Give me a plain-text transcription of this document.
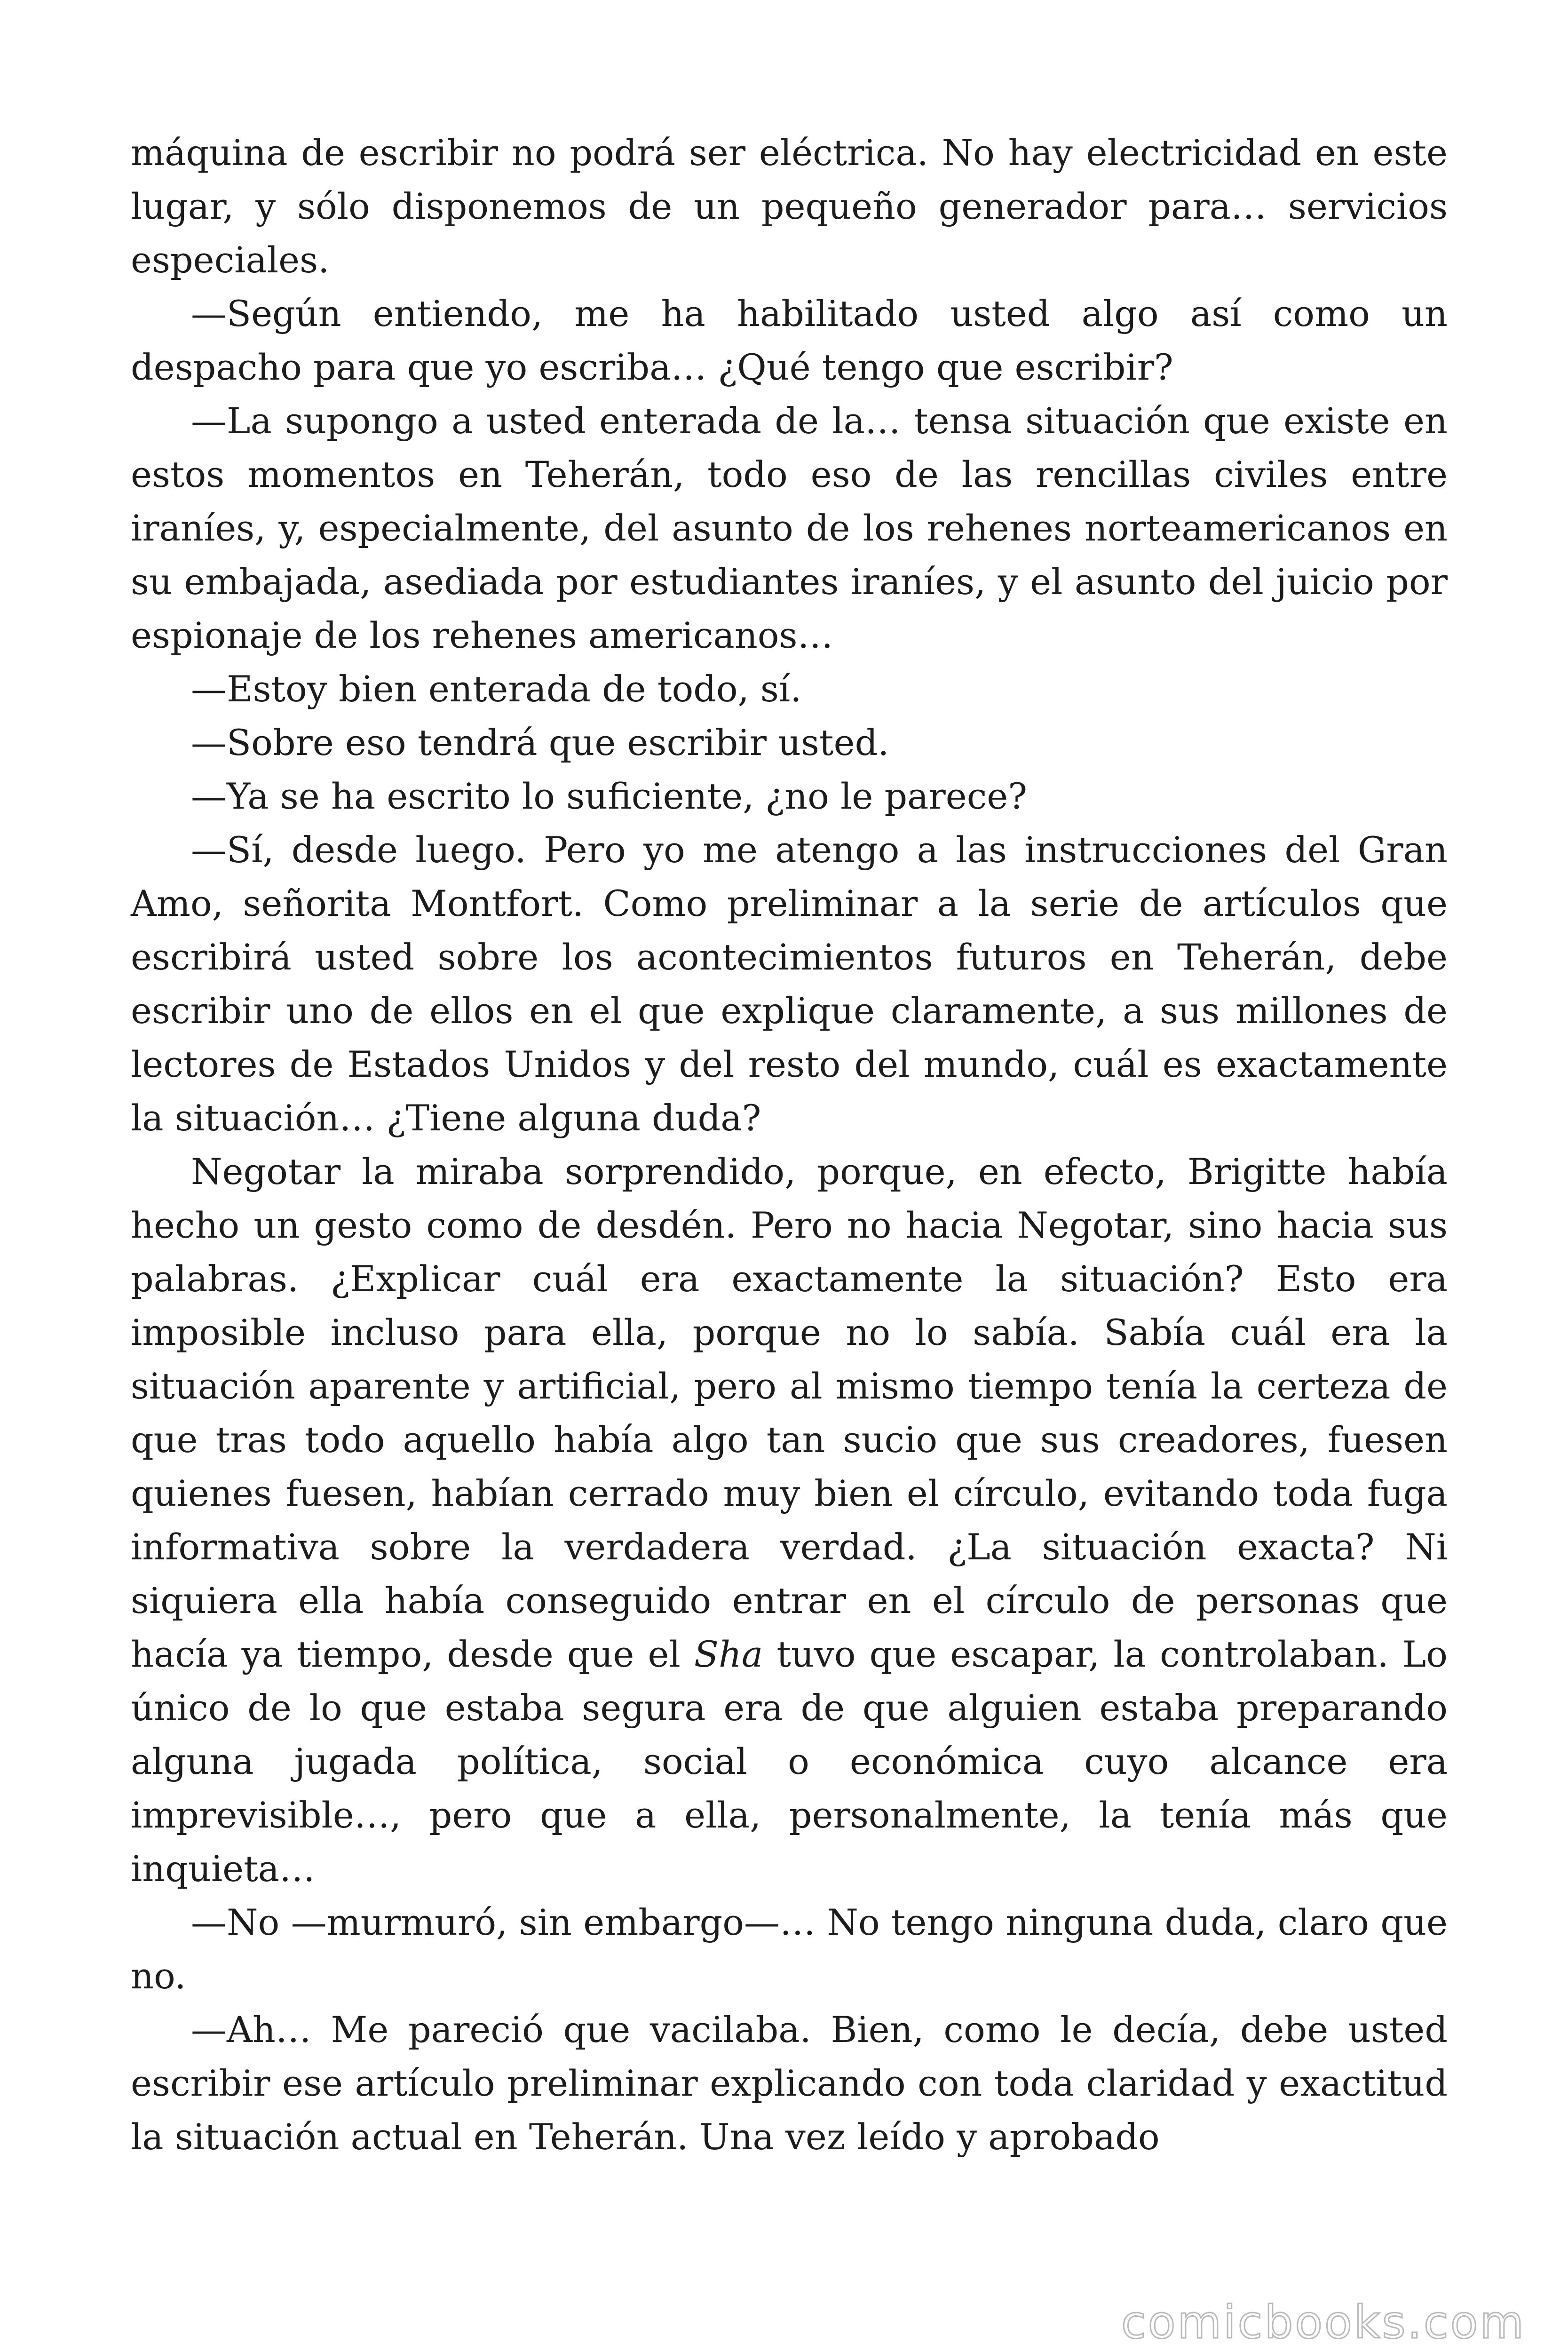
máquina de escribir no podrá ser eléctrica. No hay electricidad en este lugar, y sólo disponemos de un pequeño generador para… servicios especiales.

—Según entiendo, me ha habilitado usted algo así como un despacho para que yo escriba… ¿Qué tengo que escribir?

—La supongo a usted enterada de la… tensa situación que existe en estos momentos en Teherán, todo eso de las rencillas civiles entre iraníes, y, especialmente, del asunto de los rehenes norteamericanos en su embajada, asediada por estudiantes iraníes, y el asunto del juicio por espionaje de los rehenes americanos…

—Estoy bien enterada de todo, sí.

—Sobre eso tendrá que escribir usted.

—Ya se ha escrito lo suficiente, ¿no le parece?

—Sí, desde luego. Pero yo me atengo a las instrucciones del Gran Amo, señorita Montfort. Como preliminar a la serie de artículos que escribirá usted sobre los acontecimientos futuros en Teherán, debe escribir uno de ellos en el que explique claramente, a sus millones de lectores de Estados Unidos y del resto del mundo, cuál es exactamente la situación… ¿Tiene alguna duda?

Negotar la miraba sorprendido, porque, en efecto, Brigitte había hecho un gesto como de desdén. Pero no hacia Negotar, sino hacia sus palabras. ¿Explicar cuál era exactamente la situación? Esto era imposible incluso para ella, porque no lo sabía. Sabía cuál era la situación aparente y artificial, pero al mismo tiempo tenía la certeza de que tras todo aquello había algo tan sucio que sus creadores, fuesen quienes fuesen, habían cerrado muy bien el círculo, evitando toda fuga informativa sobre la verdadera verdad. ¿La situación exacta? Ni siquiera ella había conseguido entrar en el círculo de personas que hacía ya tiempo, desde que el Sha tuvo que escapar, la controlaban. Lo único de lo que estaba segura era de que alguien estaba preparando alguna jugada política, social o económica cuyo alcance era imprevisible…, pero que a ella, personalmente, la tenía más que inquieta…

—No —murmuró, sin embargo—… No tengo ninguna duda, claro que no.

—Ah… Me pareció que vacilaba. Bien, como le decía, debe usted escribir ese artículo preliminar explicando con toda claridad y exactitud la situación actual en Teherán. Una vez leído y aprobado

comicbooks.com
